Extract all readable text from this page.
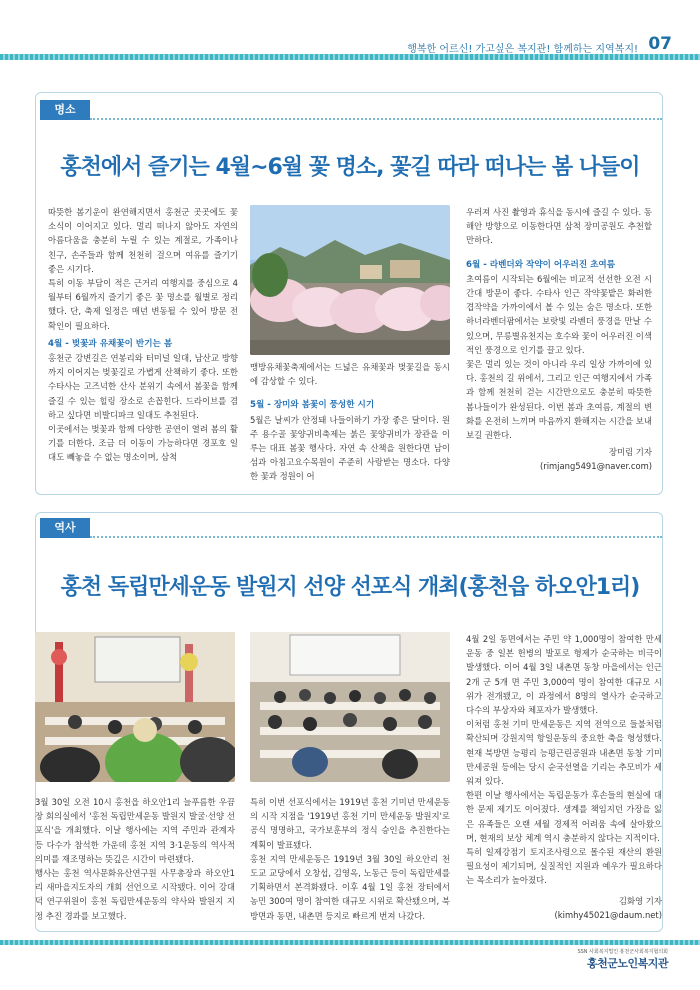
행복한 어르신! 가고싶은 복지관! 함께하는 지역복지! 07
명소
홍천에서 즐기는 4월~6월 꽃 명소, 꽃길 따라 떠나는 봄 나들이

따뜻한 봄기운이 완연해지면서 홍천군 곳곳에도 꽃소식이 이어지고 있다. 멀리 떠나지 않아도 자연의 아름다움을 충분히 누릴 수 있는 계절로, 가족이나 친구, 손주들과 함께 천천히 걸으며 여유를 즐기기 좋은 시기다.

특히 이동 부담이 적은 근거리 여행지를 중심으로 4월부터 6월까지 즐기기 좋은 꽃 명소를 월별로 정리했다. 단, 축제 일정은 매년 변동될 수 있어 방문 전 확인이 필요하다.

4월 - 벚꽃과 유채꽃이 반기는 봄

홍천군 강변길은 연봉리와 터미널 일대, 남산교 방향까지 이어지는 벚꽃길로 가볍게 산책하기 좋다. 또한 수타사는 고즈넉한 산사 분위기 속에서 봄꽃을 함께 즐길 수 있는 힐링 장소로 손꼽힌다. 드라이브를 겸하고 싶다면 비발디파크 일대도 추천된다.

이곳에서는 벚꽃과 함께 다양한 공연이 열려 봄의 활기를 더한다. 조금 더 이동이 가능하다면 경포호 일대도 빼놓을 수 없는 명소이며, 삼척

맹방유채꽃축제에서는 드넓은 유채꽃과 벚꽃길을 동시에 감상할 수 있다.

5월 - 장미와 봄꽃이 풍성한 시기

5월은 날씨가 안정돼 나들이하기 가장 좋은 달이다. 원주 용수골 꽃양귀비축제는 붉은 꽃양귀비가 장관을 이루는 대표 봄꽃 행사다. 자연 속 산책을 원한다면 남이섬과 아침고요수목원이 주준히 사랑받는 명소다. 다양한 꽃과 정원이 어

우러져 사진 촬영과 휴식을 동시에 즐길 수 있다. 동해안 방향으로 이동한다면 삼척 장미공원도 추천할 만하다.

6월 - 라벤더와 작약이 어우러진 초여름

초여름이 시작되는 6월에는 비교적 선선한 오전 시간대 방문이 좋다. 수타사 인근 작약꽃밭은 화려한 겹작약을 가까이에서 볼 수 있는 숨은 명소다. 또한 하너라벤더팜에서는 보랏빛 라벤더 풍경을 만날 수 있으며, 무릉별유천지는 호수와 꽃이 어우러진 이색적인 풍경으로 인기를 끌고 있다.

꽃은 멀리 있는 것이 아니라 우리 일상 가까이에 있다. 홍천의 길 위에서, 그리고 인근 여행지에서 가족과 함께 천천히 걷는 시간만으로도 충분히 따뜻한 봄나들이가 완성된다. 이번 봄과 초여름, 계절의 변화를 온전히 느끼며 마음까지 환해지는 시간을 보내보길 권한다.

장미림 기자
(rimjang5491@naver.com)
역사
홍천 독립만세운동 발원지 선양 선포식 개최(홍천읍 하오안1리)

3월 30일 오전 10시 홍천읍 하오안1리 늘푸름한 우끔장 회의실에서 '홍천 독립만세운동 발원지 발굴·선양 선포식'을 개최했다. 이날 행사에는 지역 주민과 관계자 등 다수가 참석한 가운데 홍천 지역 3·1운동의 역사적 의미를 재조명하는 뜻깊은 시간이 마련됐다.

행사는 홍천 역사문화유산연구원 사무총장과 하오안1리 새마을지도자의 개회 선언으로 시작됐다. 이어 강대덕 연구위원이 홍천 독립만세운동의 약사와 발원지 지정 추진 경과를 보고했다.

특히 이번 선포식에서는 1919년 홍천 기미년 만세운동의 시작 지점을 '1919년 홍천 기미 만세운동 발원지'로 공식 명명하고, 국가보훈부의 정식 승인을 추진한다는 계획이 발표됐다.

홍천 지역 만세운동은 1919년 3월 30일 하오안리 천도교 교당에서 오창섭, 김영옥, 노동근 등이 독립만세를 기획하면서 본격화됐다. 이후 4월 1일 홍천 장터에서 농민 300여 명이 참여한 대규모 시위로 확산됐으며, 북방면과 동면, 내촌면 등지로 빠르게 번져 나갔다.

4월 2일 동면에서는 주민 약 1,000명이 참여한 만세운동 중 일본 헌병의 발포로 형제가 순국하는 비극이 발생했다. 이어 4월 3일 내촌면 동창 마을에서는 인근 2개 군 5개 면 주민 3,000여 명이 참여한 대규모 시위가 전개됐고, 이 과정에서 8명의 열사가 순국하고 다수의 부상자와 체포자가 발생했다.

이처럼 홍천 기미 만세운동은 지역 전역으로 들불처럼 확산되며 강원지역 항일운동의 중요한 축을 형성했다. 현재 북방면 능평리 능평근린공원과 내촌면 동창 기미만세공원 등에는 당시 순국선열을 기리는 추모비가 세워져 있다.

한편 이날 행사에서는 독립운동가 후손들의 현실에 대한 문제 제기도 이어졌다. 생계를 책임지던 가장을 잃은 유족들은 오랜 세월 경제적 어려움 속에 살아왔으며, 현재의 보상 체계 역시 충분하지 않다는 지적이다.

특히 일제강점기 토지조사령으로 몰수된 재산의 환원 필요성이 제기되며, 실질적인 지원과 예우가 필요하다는 목소리가 높아졌다.

김화영 기자
(kimhy45021@daum.net)
SSN 사회복지법인 홍천군사회복지협의회
홍천군노인복지관
